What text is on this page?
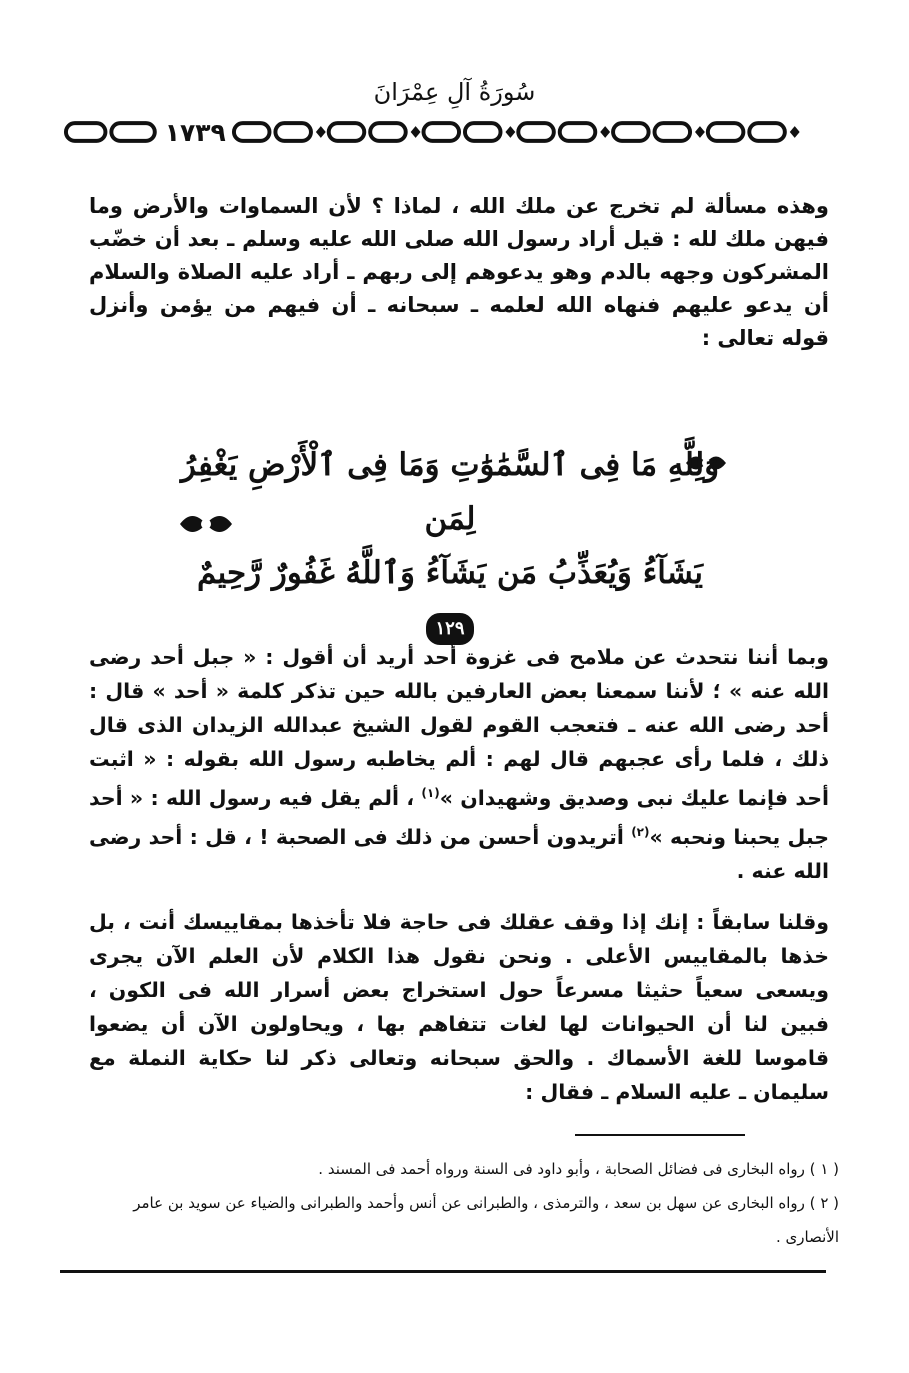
سُورَةُ آلِ عِمْرَانَ
١٧٣٩
وهذه مسألة لم تخرج عن ملك الله ، لماذا ؟ لأن السماوات والأرض وما فيهن ملك لله : قيل أراد رسول الله صلى الله عليه وسلم ـ بعد أن خضّب المشركون وجهه بالدم وهو يدعوهم إلى ربهم ـ أراد عليه الصلاة والسلام أن يدعو عليهم فنهاه الله لعلمه ـ سبحانه ـ أن فيهم من يؤمن وأنزل قوله تعالى :
وَلِلَّهِ مَا فِى ٱلسَّمَٰوَٰتِ وَمَا فِى ٱلْأَرْضِ يَغْفِرُ لِمَن
يَشَآءُ وَيُعَذِّبُ مَن يَشَآءُ وَٱللَّهُ غَفُورٌ رَّحِيمٌ ١٢٩
وبما أننا نتحدث عن ملامح فى غزوة أحد أريد أن أقول : « جبل أحد رضى الله عنه » ؛ لأننا سمعنا بعض العارفين بالله حين تذكر كلمة « أحد » قال : أحد رضى الله عنه ـ فتعجب القوم لقول الشيخ عبدالله الزيدان الذى قال ذلك ، فلما رأى عجبهم قال لهم : ألم يخاطبه رسول الله بقوله : « اثبت أحد فإنما عليك نبى وصديق وشهيدان »$^{(١)}$ ، ألم يقل فيه رسول الله : « أحد جبل يحبنا ونحبه »$^{(٢)}$ أتريدون أحسن من ذلك فى الصحبة ! ، قل : أحد رضى الله عنه .
وقلنا سابقاً : إنك إذا وقف عقلك فى حاجة فلا تأخذها بمقاييسك أنت ، بل خذها بالمقاييس الأعلى . ونحن نقول هذا الكلام لأن العلم الآن يجرى ويسعى سعياً حثيثا مسرعاً حول استخراج بعض أسرار الله فى الكون ، فبين لنا أن الحيوانات لها لغات تتفاهم بها ، ويحاولون الآن أن يضعوا قاموسا للغة الأسماك . والحق سبحانه وتعالى ذكر لنا حكاية النملة مع سليمان ـ عليه السلام ـ فقال :

( ١ ) رواه البخارى فى فضائل الصحابة ، وأبو داود فى السنة ورواه أحمد فى المسند .

( ٢ ) رواه البخارى عن سهل بن سعد ، والترمذى ، والطبرانى عن أنس وأحمد والطبرانى والضياء عن سويد بن عامر الأنصارى .
